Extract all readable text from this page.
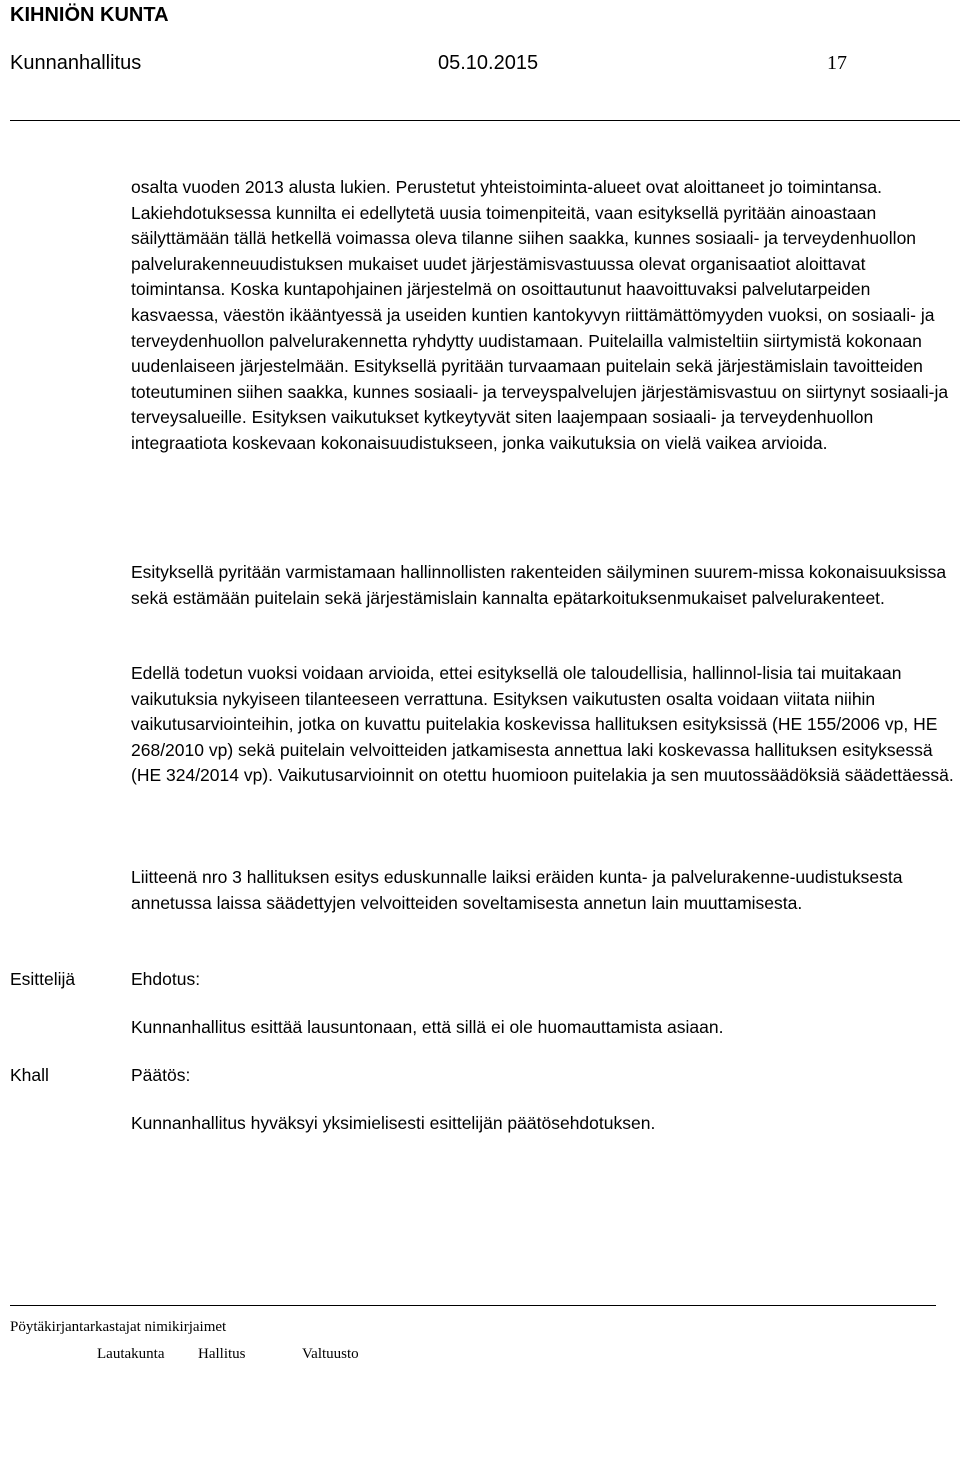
KIHNIÖN KUNTA
Kunnanhallitus	05.10.2015	17

osalta vuoden 2013 alusta lukien. Perustetut yhteistoiminta-alueet ovat aloittaneet jo toimintansa. Lakiehdotuksessa kunnilta ei edellytetä uusia toimenpiteitä, vaan esityksellä pyritään ainoastaan säilyttämään tällä hetkellä voimassa oleva tilanne siihen saakka, kunnes sosiaali- ja terveydenhuollon palvelurakenneuudistuksen mukaiset uudet järjestämisvastuussa olevat organisaatiot aloittavat toimintansa. Koska kuntapohjainen järjestelmä on osoittautunut haavoittuvaksi palvelutarpeiden kasvaessa, väestön ikääntyessä ja useiden kuntien kantokyvyn riittämättömyyden vuoksi, on sosiaali- ja terveydenhuollon palvelurakennetta ryhdytty uudistamaan. Puitelailla valmisteltiin siirtymistä kokonaan uudenlaiseen järjestelmään. Esityksellä pyritään turvaamaan puitelain sekä järjestämislain tavoitteiden toteutuminen siihen saakka, kunnes sosiaali- ja terveyspalvelujen järjestämisvastuu on siirtynyt sosiaali-ja terveysalueille. Esityksen vaikutukset kytkeytyvät siten laajempaan sosiaali- ja terveydenhuollon integraatiota koskevaan kokonaisuudistukseen, jonka vaikutuksia on vielä vaikea arvioida.

Esityksellä pyritään varmistamaan hallinnollisten rakenteiden säilyminen suurem-missa kokonaisuuksissa sekä estämään puitelain sekä järjestämislain kannalta epätarkoituksenmukaiset palvelurakenteet.

Edellä todetun vuoksi voidaan arvioida, ettei esityksellä ole taloudellisia, hallinnol-lisia tai muitakaan vaikutuksia nykyiseen tilanteeseen verrattuna. Esityksen vaikutusten osalta voidaan viitata niihin vaikutusarviointeihin, jotka on kuvattu puitelakia koskevissa hallituksen esityksissä (HE 155/2006 vp, HE 268/2010 vp) sekä puitelain velvoitteiden jatkamisesta annettua laki koskevassa hallituksen esityksessä (HE 324/2014 vp). Vaikutusarvioinnit on otettu huomioon puitelakia ja sen muutossäädöksiä säädettäessä.

Liitteenä nro 3 hallituksen esitys eduskunnalle laiksi eräiden kunta- ja palvelurakenne-uudistuksesta annetussa laissa säädettyjen velvoitteiden soveltamisesta annetun lain muuttamisesta.

Esittelijä	Ehdotus:
Kunnanhallitus esittää lausuntonaan, että sillä ei ole huomauttamista asiaan.
Khall	Päätös:
Kunnanhallitus hyväksyi yksimielisesti esittelijän päätösehdotuksen.
Pöytäkirjantarkastajat nimikirjaimet
Lautakunta Hallitus	Valtuusto
